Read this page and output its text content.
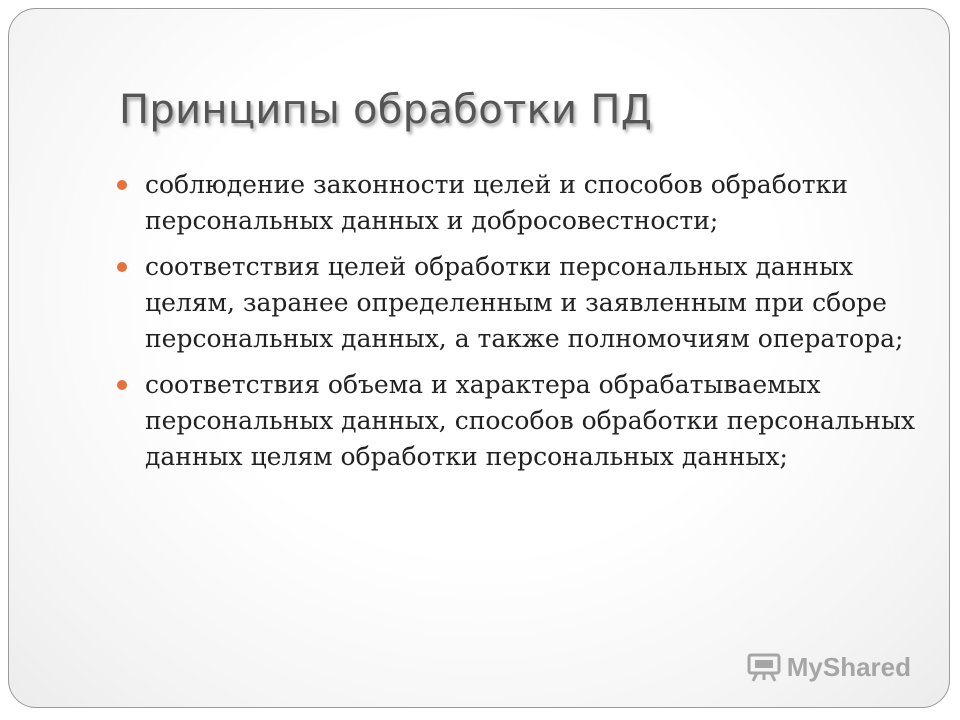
Принципы обработки ПД
соблюдение законности целей и способов обработки персональных данных и добросовестности;
соответствия целей обработки персональных данных целям, заранее определенным и заявленным при сборе персональных данных, а также полномочиям оператора;
соответствия объема и характера обрабатываемых персональных данных, способов обработки персональных данных целям обработки персональных данных;
MyShared
